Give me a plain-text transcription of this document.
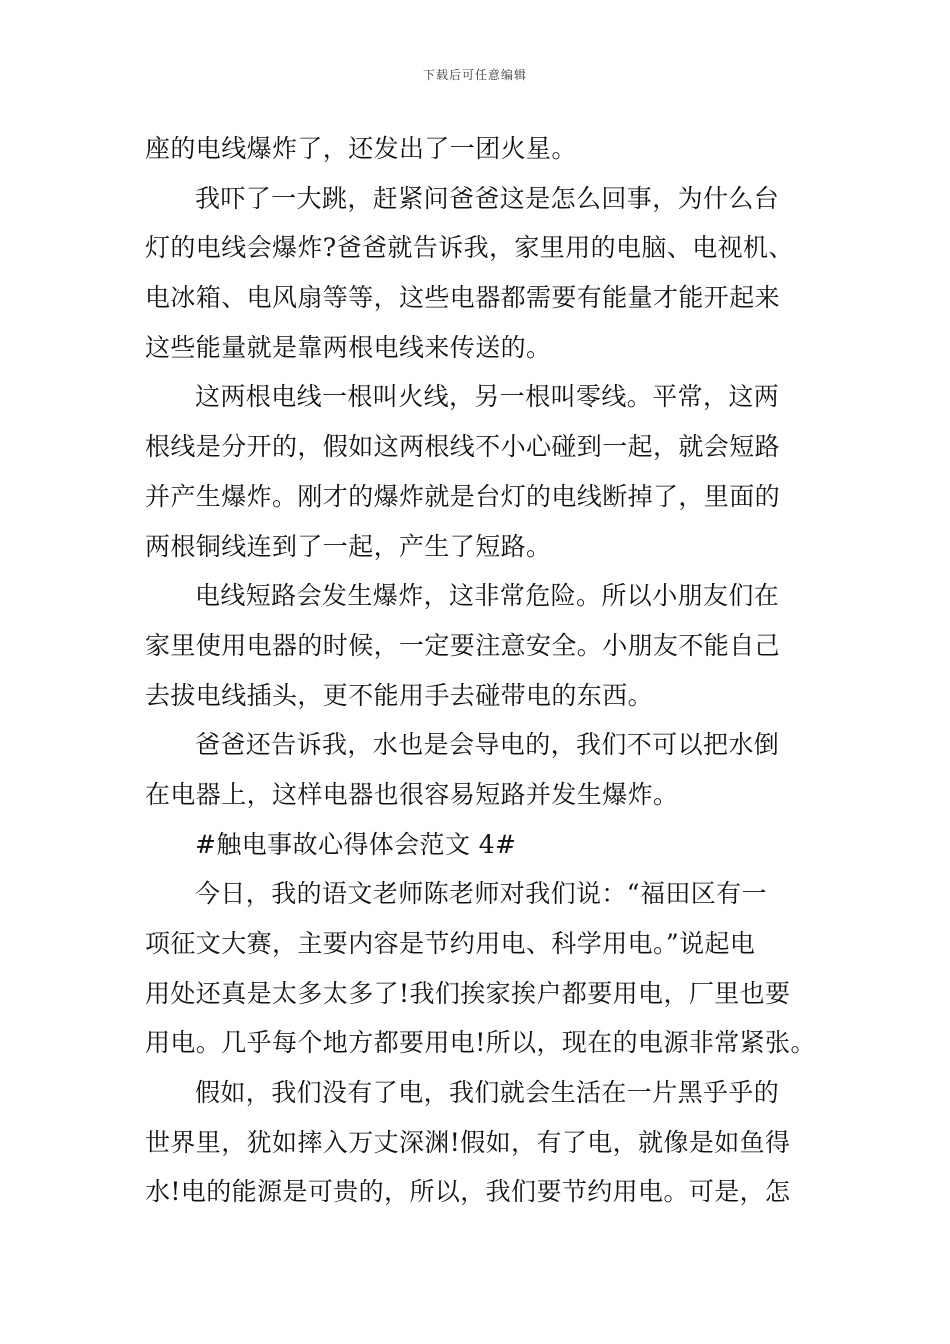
下载后可任意编辑
座的电线爆炸了，还发出了一团火星。
我吓了一大跳，赶紧问爸爸这是怎么回事，为什么台
灯的电线会爆炸?爸爸就告诉我，家里用的电脑、电视机、
电冰箱、电风扇等等，这些电器都需要有能量才能开起来
这些能量就是靠两根电线来传送的。
这两根电线一根叫火线，另一根叫零线。平常，这两
根线是分开的，假如这两根线不小心碰到一起，就会短路
并产生爆炸。刚才的爆炸就是台灯的电线断掉了，里面的
两根铜线连到了一起，产生了短路。
电线短路会发生爆炸，这非常危险。所以小朋友们在
家里使用电器的时候，一定要注意安全。小朋友不能自己
去拔电线插头，更不能用手去碰带电的东西。
爸爸还告诉我，水也是会导电的，我们不可以把水倒
在电器上，这样电器也很容易短路并发生爆炸。
#触电事故心得体会范文 4#
今日，我的语文老师陈老师对我们说：“福田区有一
项征文大赛，主要内容是节约用电、科学用电。”说起电
用处还真是太多太多了!我们挨家挨户都要用电，厂里也要
用电。几乎每个地方都要用电!所以，现在的电源非常紧张。
假如，我们没有了电，我们就会生活在一片黑乎乎的
世界里，犹如摔入万丈深渊!假如，有了电，就像是如鱼得
水!电的能源是可贵的，所以，我们要节约用电。可是，怎
